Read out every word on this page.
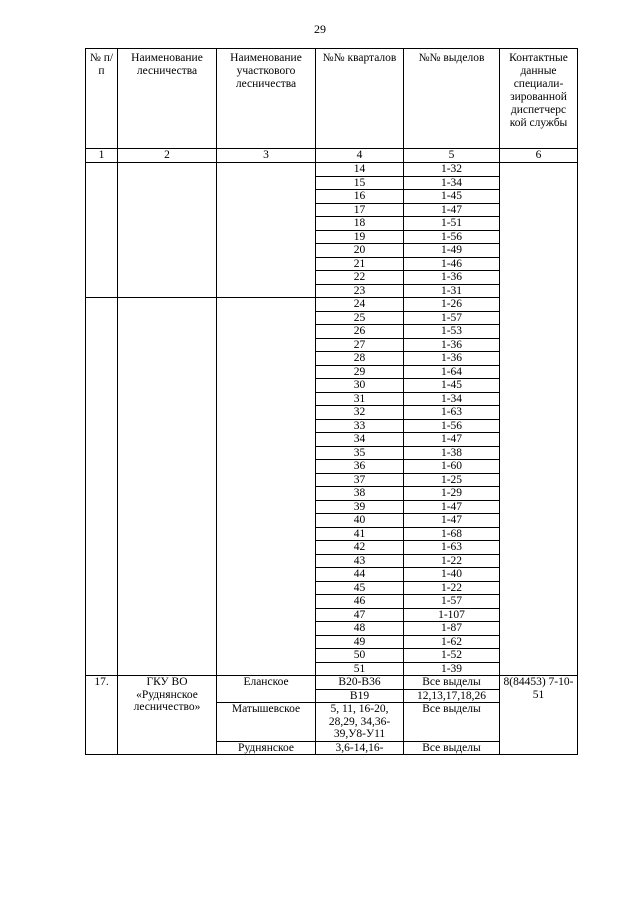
29
№ п/п	Наименование лесничества	Наименование участкового лесничества	№№ кварталов	№№ выделов	Контактные данные специали-зированной диспетчерс кой службы
1	2	3	4	5	6
			14	1-32	
			15	1-34	
			16	1-45	
			17	1-47	
			18	1-51	
			19	1-56	
			20	1-49	
			21	1-46	
			22	1-36	
			23	1-31	
			24	1-26	
			25	1-57	
			26	1-53	
			27	1-36	
			28	1-36	
			29	1-64	
			30	1-45	
			31	1-34	
			32	1-63	
			33	1-56	
			34	1-47	
			35	1-38	
			36	1-60	
			37	1-25	
			38	1-29	
			39	1-47	
			40	1-47	
			41	1-68	
			42	1-63	
			43	1-22	
			44	1-40	
			45	1-22	
			46	1-57	
			47	1-107	
			48	1-87	
			49	1-62	
			50	1-52	
			51	1-39	
17.	ГКУ ВО «Руднянское лесничество»	Еланское	В20-В36	Все выделы	8(84453) 7-10-51
			В19	12,13,17,18,26	
		Матышевское	5, 11, 16-20, 28,29, 34,36-39,У8-У11	Все выделы	
		Руднянское	3,6-14,16-	Все выделы	
